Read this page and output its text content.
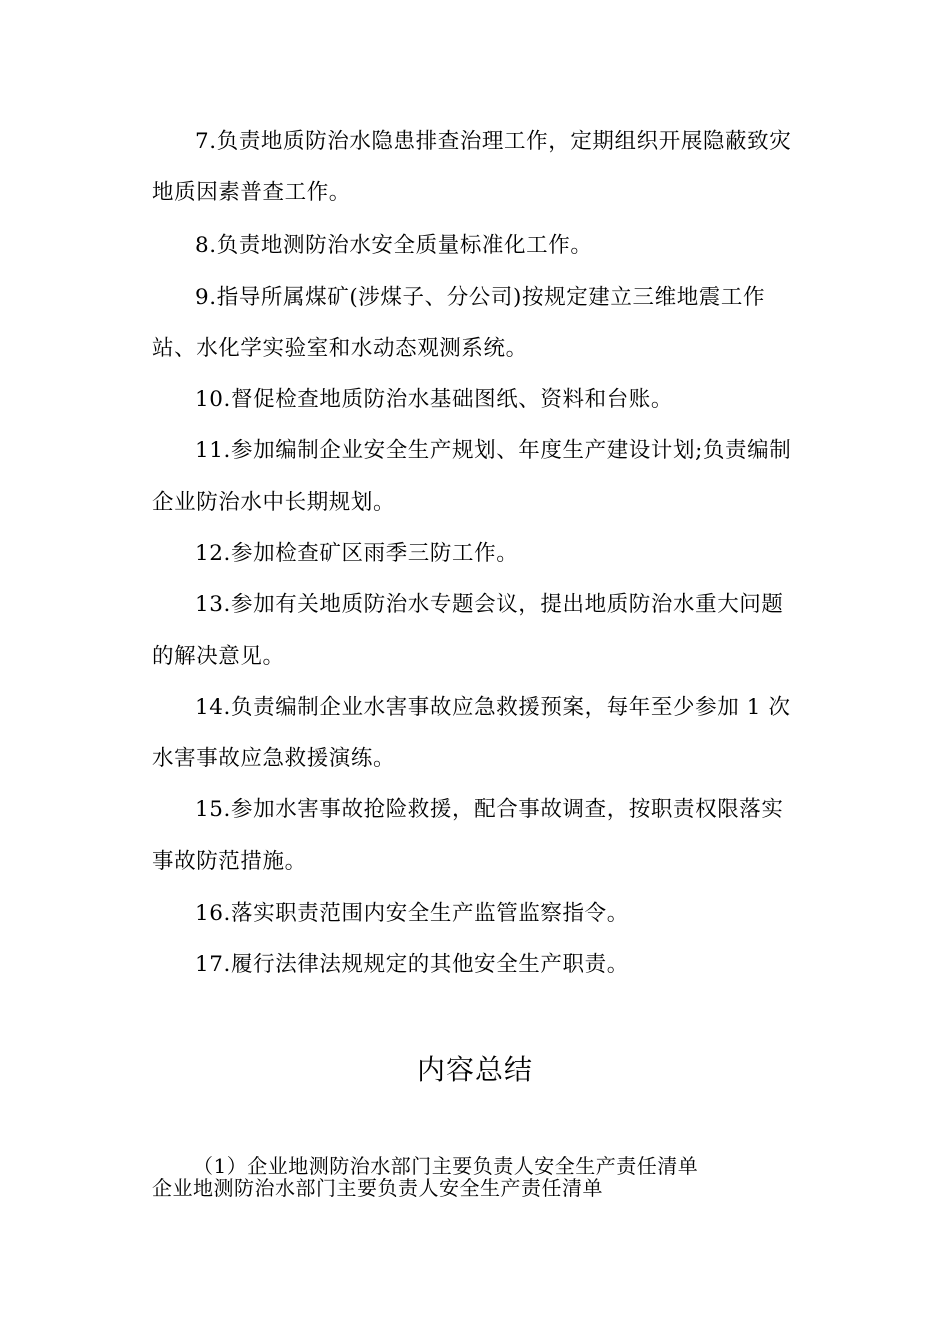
7.负责地质防治水隐患排查治理工作，定期组织开展隐蔽致灾
地质因素普查工作。
8.负责地测防治水安全质量标准化工作。
9.指导所属煤矿(涉煤子、分公司)按规定建立三维地震工作
站、水化学实验室和水动态观测系统。
10.督促检查地质防治水基础图纸、资料和台账。
11.参加编制企业安全生产规划、年度生产建设计划;负责编制
企业防治水中长期规划。
12.参加检查矿区雨季三防工作。
13.参加有关地质防治水专题会议，提出地质防治水重大问题
的解决意见。
14.负责编制企业水害事故应急救援预案，每年至少参加 1 次
水害事故应急救援演练。
15.参加水害事故抢险救援，配合事故调查，按职责权限落实
事故防范措施。
16.落实职责范围内安全生产监管监察指令。
17.履行法律法规规定的其他安全生产职责。
内容总结
（1）企业地测防治水部门主要负责人安全生产责任清单
企业地测防治水部门主要负责人安全生产责任清单
